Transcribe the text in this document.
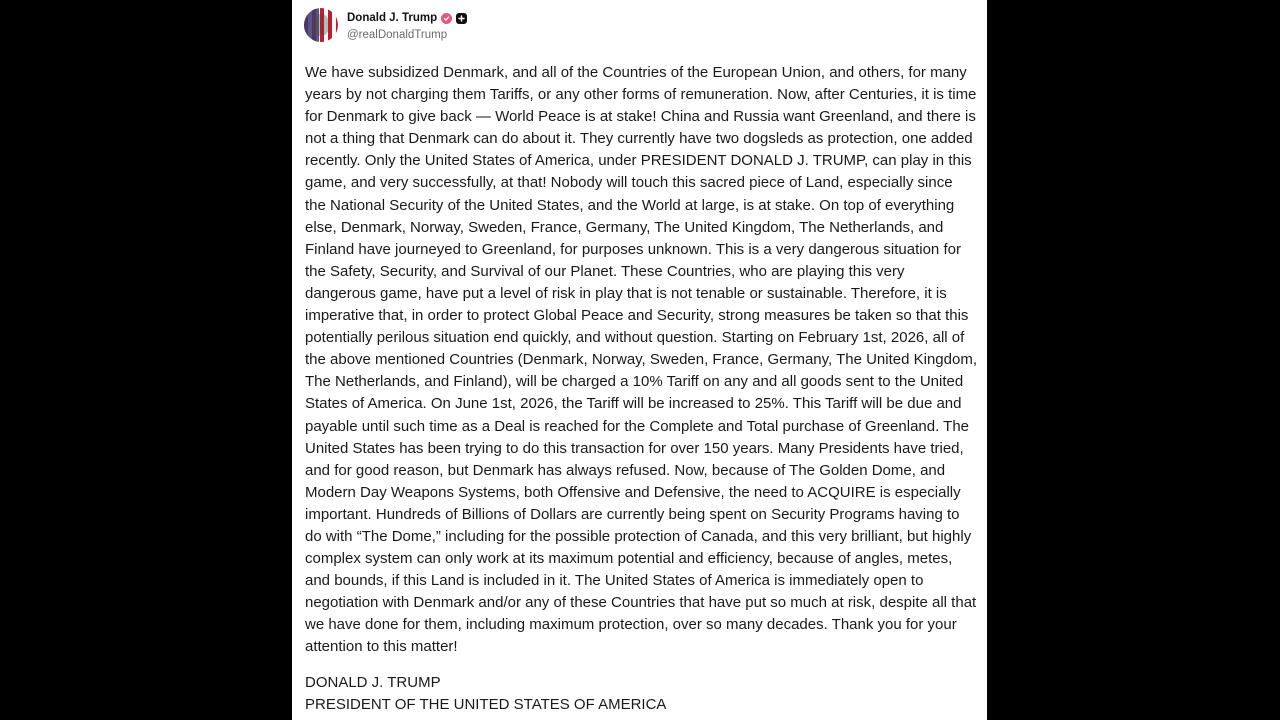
Donald J. Trump
@realDonaldTrump
We have subsidized Denmark, and all of the Countries of the European Union, and others, for many years by not charging them Tariffs, or any other forms of remuneration. Now, after Centuries, it is time for Denmark to give back — World Peace is at stake! China and Russia want Greenland, and there is not a thing that Denmark can do about it. They currently have two dogsleds as protection, one added recently. Only the United States of America, under PRESIDENT DONALD J. TRUMP, can play in this game, and very successfully, at that! Nobody will touch this sacred piece of Land, especially since the National Security of the United States, and the World at large, is at stake. On top of everything else, Denmark, Norway, Sweden, France, Germany, The United Kingdom, The Netherlands, and Finland have journeyed to Greenland, for purposes unknown. This is a very dangerous situation for the Safety, Security, and Survival of our Planet. These Countries, who are playing this very dangerous game, have put a level of risk in play that is not tenable or sustainable. Therefore, it is imperative that, in order to protect Global Peace and Security, strong measures be taken so that this potentially perilous situation end quickly, and without question. Starting on February 1st, 2026, all of the above mentioned Countries (Denmark, Norway, Sweden, France, Germany, The United Kingdom, The Netherlands, and Finland), will be charged a 10% Tariff on any and all goods sent to the United States of America. On June 1st, 2026, the Tariff will be increased to 25%. This Tariff will be due and payable until such time as a Deal is reached for the Complete and Total purchase of Greenland. The United States has been trying to do this transaction for over 150 years. Many Presidents have tried, and for good reason, but Denmark has always refused. Now, because of The Golden Dome, and Modern Day Weapons Systems, both Offensive and Defensive, the need to ACQUIRE is especially important. Hundreds of Billions of Dollars are currently being spent on Security Programs having to do with “The Dome,” including for the possible protection of Canada, and this very brilliant, but highly complex system can only work at its maximum potential and efficiency, because of angles, metes, and bounds, if this Land is included in it. The United States of America is immediately open to negotiation with Denmark and/or any of these Countries that have put so much at risk, despite all that we have done for them, including maximum protection, over so many decades. Thank you for your attention to this matter!
DONALD J. TRUMP
PRESIDENT OF THE UNITED STATES OF AMERICA
